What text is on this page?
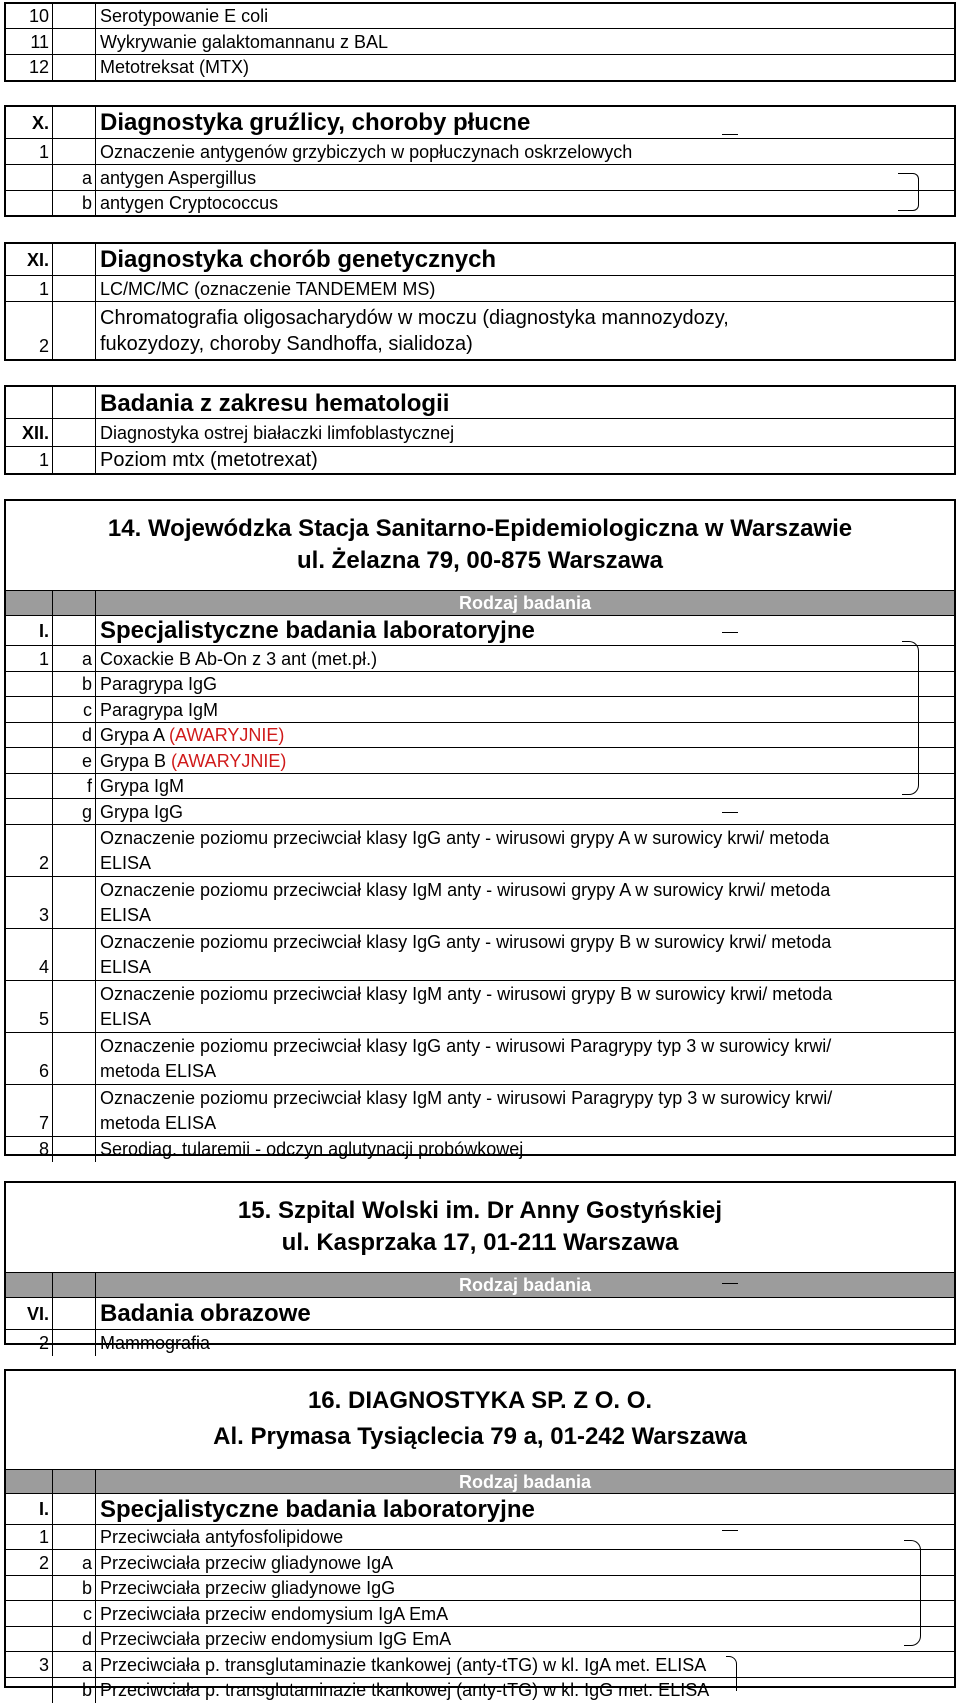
10	Serotypowanie E coli
11	Wykrywanie galaktomannanu z BAL
12	Metotreksat (MTX)
X. Diagnostyka gruźlicy, choroby płucne
1	Oznaczenie antygenów grzybiczych w popłuczynach oskrzelowych
a antygen Aspergillus
b antygen Cryptococcus
XI. Diagnostyka chorób genetycznych
1	LC/MC/MC (oznaczenie TANDEMEM MS)
2
Chromatografia oligosacharydów w moczu (diagnostyka mannozydozy,
fukozydozy, choroby Sandhoffa, sialidoza)
Badania z zakresu hematologii
XII.	Diagnostyka ostrej białaczki limfoblastycznej
1	Poziom mtx (metotrexat)
14. Wojewódzka Stacja Sanitarno-Epidemiologiczna w Warszawie
ul. Żelazna 79, 00-875 Warszawa
Rodzaj badania
I. Specjalistyczne badania laboratoryjne
1	a Coxackie B Ab-On z 3 ant (met.pł.)
b Paragrypa IgG
c Paragrypa IgM
d Grypa A (AWARYJNIE)
e Grypa B (AWARYJNIE)
f Grypa IgM
g Grypa IgG
2
Oznaczenie poziomu przeciwciał klasy IgG anty - wirusowi grypy A w surowicy krwi/ metoda
ELISA
3
Oznaczenie poziomu przeciwciał klasy IgM anty - wirusowi grypy A w surowicy krwi/ metoda
ELISA
4
Oznaczenie poziomu przeciwciał klasy IgG anty - wirusowi grypy B w surowicy krwi/ metoda
ELISA
5
Oznaczenie poziomu przeciwciał klasy IgM anty - wirusowi grypy B w surowicy krwi/ metoda
ELISA
6
Oznaczenie poziomu przeciwciał klasy IgG anty - wirusowi Paragrypy typ 3 w surowicy krwi/
metoda ELISA
7
Oznaczenie poziomu przeciwciał klasy IgM anty - wirusowi Paragrypy typ 3 w surowicy krwi/
metoda ELISA
8	Serodiag. tularemii - odczyn aglutynacji probówkowej
15. Szpital Wolski im. Dr Anny Gostyńskiej
ul. Kasprzaka 17, 01-211 Warszawa
Rodzaj badania
VI. Badania obrazowe
2	Mammografia
16. DIAGNOSTYKA SP. Z O. O.
Al. Prymasa Tysiąclecia 79 a, 01-242 Warszawa
Rodzaj badania
I. Specjalistyczne badania laboratoryjne
1	Przeciwciała antyfosfolipidowe
2	a Przeciwciała przeciw gliadynowe IgA
b Przeciwciała przeciw gliadynowe IgG
c Przeciwciała przeciw endomysium IgA EmA
d Przeciwciała przeciw endomysium IgG EmA
3	a Przeciwciała p. transglutaminazie tkankowej (anty-tTG) w kl. IgA met. ELISA
b Przeciwciała p. transglutaminazie tkankowej (anty-tTG) w kl. IgG met. ELISA
